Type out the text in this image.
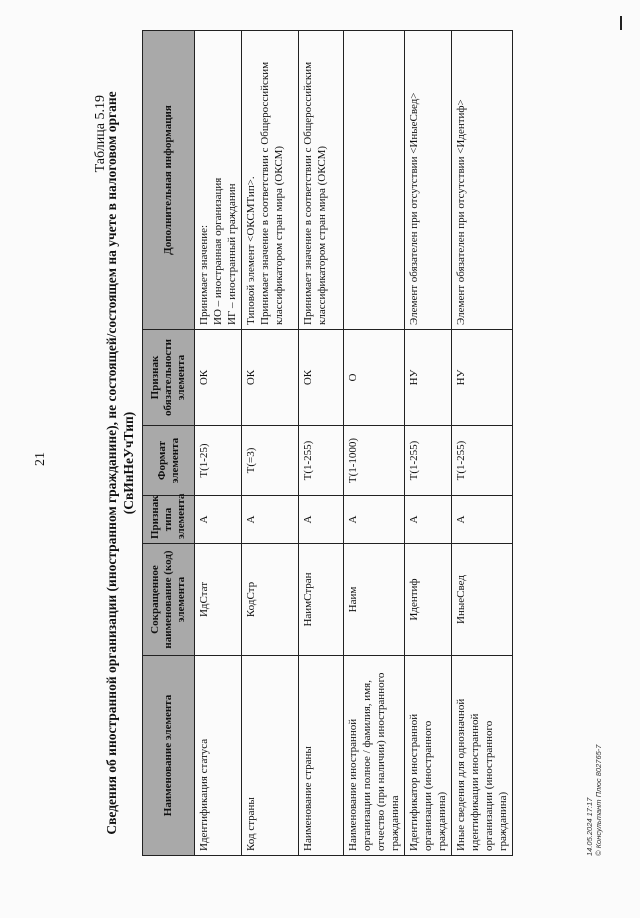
21
Таблица 5.19
Сведения об иностранной организации (иностранном гражданине), не состоящей/состоящем на учете в налоговом органе (СвИнНеУчТип)
Наименование элемента	Сокращенное наименование (код) элемента	Признак типа элемента	Формат элемента	Признак обязательности элемента	Дополнительная информация
Идентификация статуса	ИдСтат	А	T(1-25)	ОК	Принимает значение: ИО – иностранная организация ИГ – иностранный гражданин

Код страны	КодСтр	А	T(=3)	ОК	Типовой элемент <ОКСМТип>. Принимает значение в соответствии с Общероссийским классификатором стран мира (ОКСМ)

Наименование страны	НаимСтран	А	T(1-255)	ОК	Принимает значение в соответствии с Общероссийским классификатором стран мира (ОКСМ)

Наименование иностранной организации полное / фамилия, имя, отчество (при наличии) иностранного гражданина	Наим	А	T(1-1000)	О	

Идентификатор иностранной организации (иностранного гражданина)	Идентиф	А	T(1-255)	НУ	Элемент обязателен при отсутствии <ИныеСвед>

Иные сведения для однозначной идентификации иностранной организации (иностранного гражданина)	ИныеСвед	А	T(1-255)	НУ	Элемент обязателен при отсутствии <Идентиф>
14.05.2024 17:17 © Консультант Плюс 802765-7
